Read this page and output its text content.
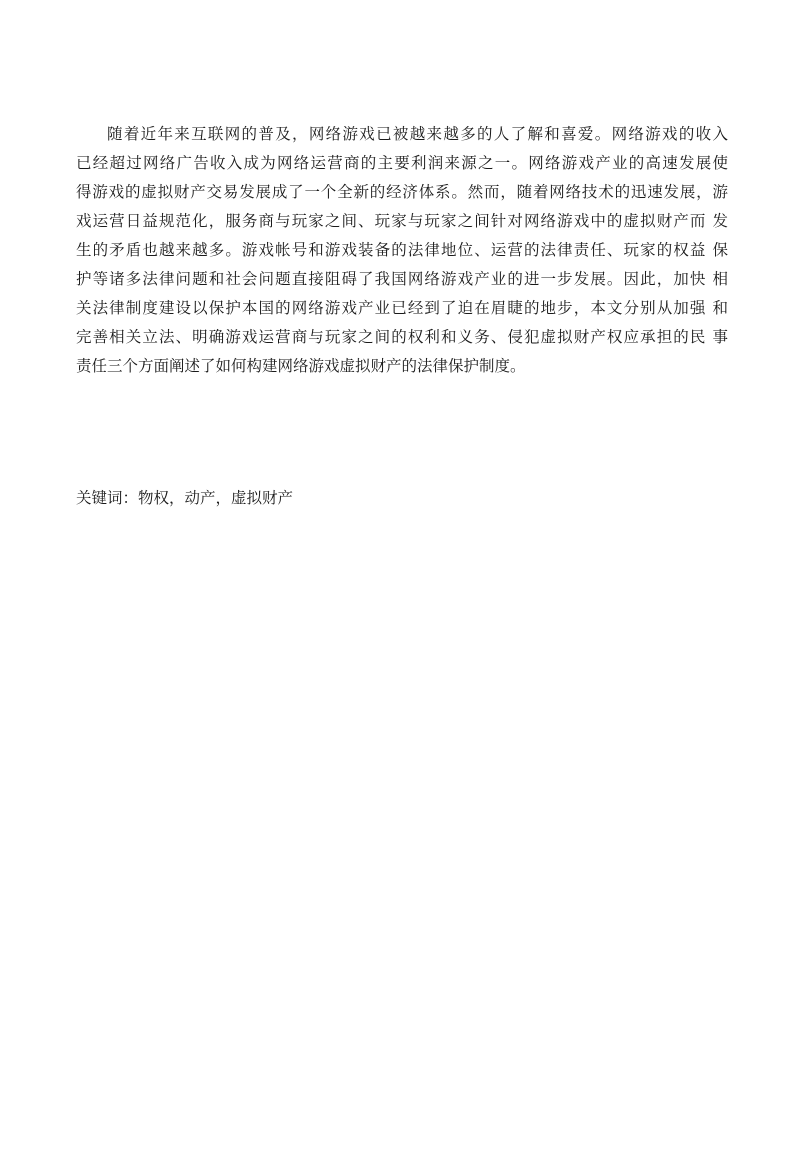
随着近年来互联网的普及，网络游戏已被越来越多的人了解和喜爱。网络游戏的收入
已经超过网络广告收入成为网络运营商的主要利润来源之一。网络游戏产业的高速发展使
得游戏的虚拟财产交易发展成了一个全新的经济体系。然而，随着网络技术的迅速发展，游
戏运营日益规范化，服务商与玩家之间、玩家与玩家之间针对网络游戏中的虚拟财产而 发
生的矛盾也越来越多。游戏帐号和游戏装备的法律地位、运营的法律责任、玩家的权益 保
护等诸多法律问题和社会问题直接阻碍了我国网络游戏产业的进一步发展。因此，加快 相
关法律制度建设以保护本国的网络游戏产业已经到了迫在眉睫的地步，本文分别从加强 和
完善相关立法、明确游戏运营商与玩家之间的权利和义务、侵犯虚拟财产权应承担的民 事
责任三个方面阐述了如何构建网络游戏虚拟财产的法律保护制度。
关键词：物权，动产，虚拟财产
